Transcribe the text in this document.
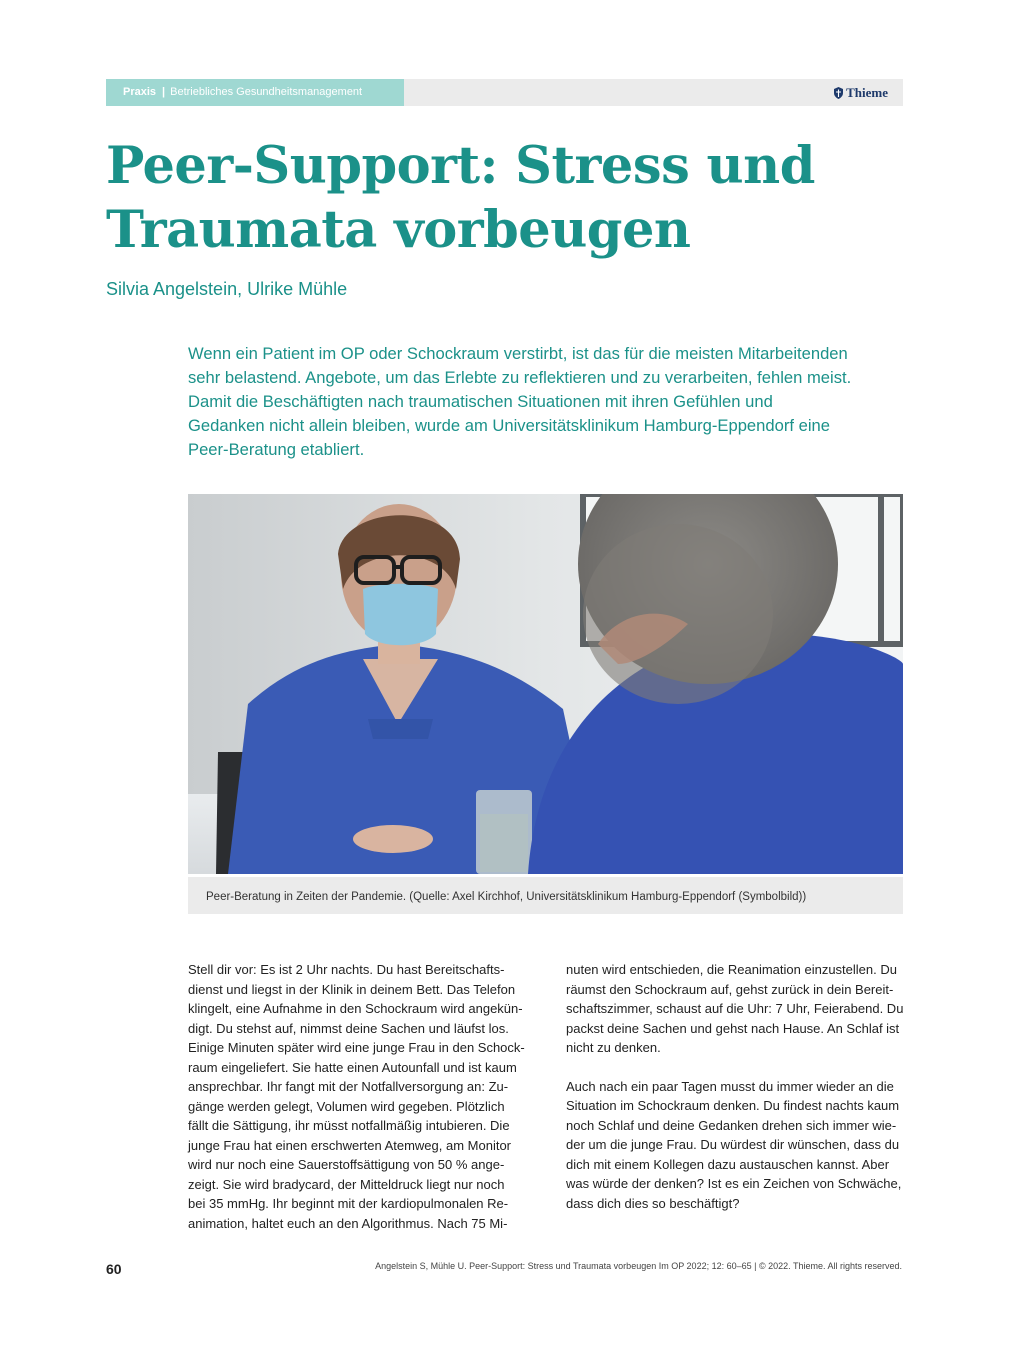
Praxis | Betriebliches Gesundheitsmanagement	Thieme
Peer-Support: Stress und
Traumata vorbeugen
Silvia Angelstein, Ulrike Mühle

Wenn ein Patient im OP oder Schockraum verstirbt, ist das für die meisten Mitarbeitenden

sehr belastend. Angebote, um das Erlebte zu reflektieren und zu verarbeiten, fehlen meist.

Damit die Beschäftigten nach traumatischen Situationen mit ihren Gefühlen und

Gedanken nicht allein bleiben, wurde am Universitätsklinikum Hamburg-Eppendorf eine

Peer-Beratung etabliert.

Peer-Beratung in Zeiten der Pandemie. (Quelle: Axel Kirchhof, Universitätsklinikum Hamburg-Eppendorf (Symbolbild))

Stell dir vor: Es ist 2 Uhr nachts. Du hast Bereitschafts-

dienst und liegst in der Klinik in deinem Bett. Das Telefon

klingelt, eine Aufnahme in den Schockraum wird angekün-

digt. Du stehst auf, nimmst deine Sachen und läufst los.

Einige Minuten später wird eine junge Frau in den Schock-

raum eingeliefert. Sie hatte einen Autounfall und ist kaum

ansprechbar. Ihr fangt mit der Notfallversorgung an: Zu-

gänge werden gelegt, Volumen wird gegeben. Plötzlich

fällt die Sättigung, ihr müsst notfallmäßig intubieren. Die

junge Frau hat einen erschwerten Atemweg, am Monitor

wird nur noch eine Sauerstoffsättigung von 50 % ange-

zeigt. Sie wird bradycard, der Mitteldruck liegt nur noch

bei 35 mmHg. Ihr beginnt mit der kardiopulmonalen Re-

animation, haltet euch an den Algorithmus. Nach 75 Mi-

nuten wird entschieden, die Reanimation einzustellen. Du

räumst den Schockraum auf, gehst zurück in dein Bereit-

schaftszimmer, schaust auf die Uhr: 7 Uhr, Feierabend. Du

packst deine Sachen und gehst nach Hause. An Schlaf ist

nicht zu denken.

Auch nach ein paar Tagen musst du immer wieder an die

Situation im Schockraum denken. Du findest nachts kaum

noch Schlaf und deine Gedanken drehen sich immer wie-

der um die junge Frau. Du würdest dir wünschen, dass du

dich mit einem Kollegen dazu austauschen kannst. Aber

was würde der denken? Ist es ein Zeichen von Schwäche,

dass dich dies so beschäftigt?

60	Angelstein S, Mühle U. Peer-Support: Stress und Traumata vorbeugen Im OP 2022; 12: 60–65 | © 2022. Thieme. All rights reserved.
